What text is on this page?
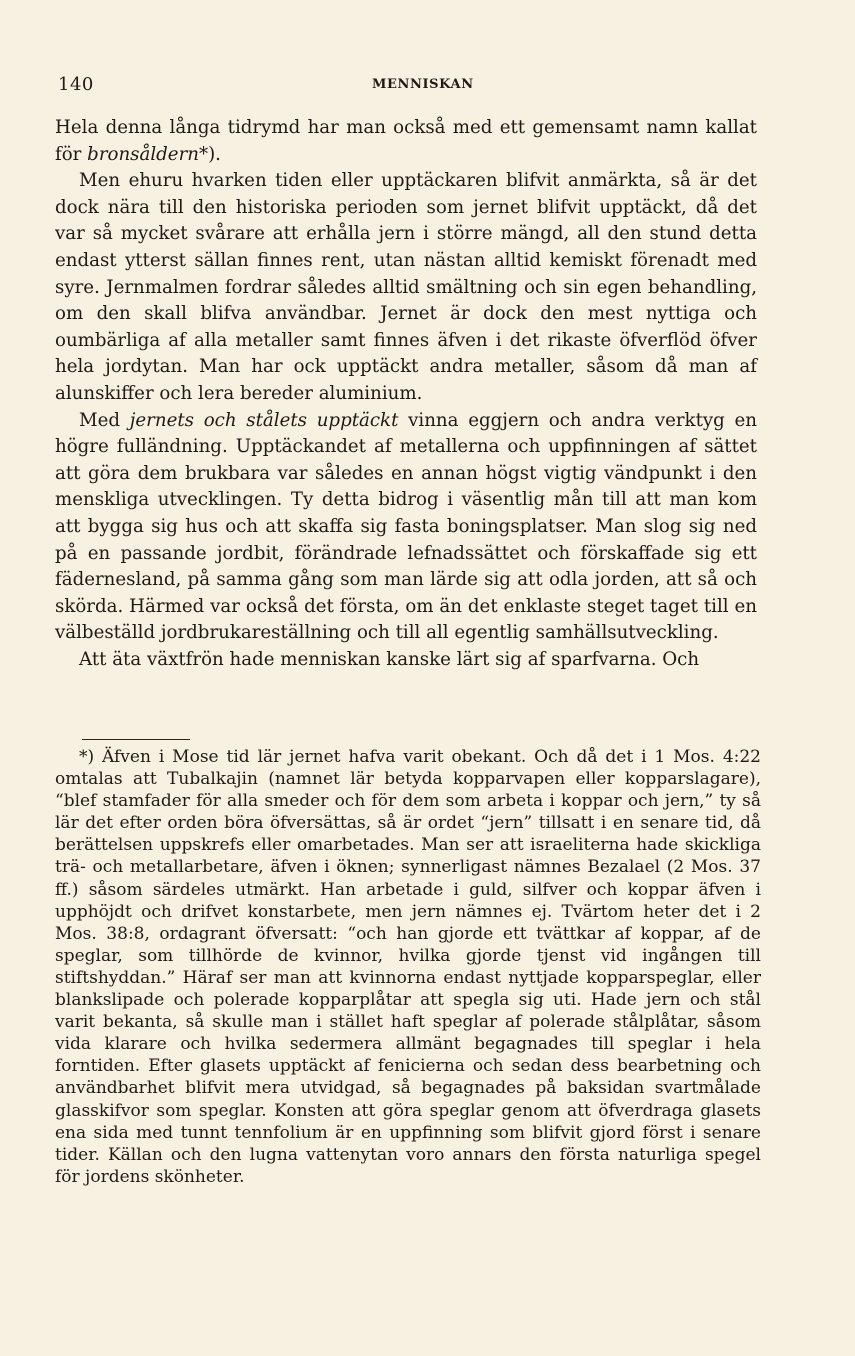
140	MENNISKAN

Hela denna långa tidrymd har man också med ett gemensamt namn kallat för bronsåldern*).

Men ehuru hvarken tiden eller upptäckaren blifvit anmärkta, så är det dock nära till den historiska perioden som jernet blifvit upptäckt, då det var så mycket svårare att erhålla jern i större mängd, all den stund detta endast ytterst sällan finnes rent, utan nästan alltid kemiskt förenadt med syre. Jernmalmen fordrar således alltid smältning och sin egen behandling, om den skall blifva användbar. Jernet är dock den mest nyttiga och oumbärliga af alla metaller samt finnes äfven i det rikaste öfverflöd öfver hela jordytan. Man har ock upptäckt andra metaller, såsom då man af alunskiffer och lera bereder aluminium.

Med jernets och stålets upptäckt vinna eggjern och andra verktyg en högre fulländning. Upptäckandet af metallerna och uppfinningen af sättet att göra dem brukbara var således en annan högst vigtig vändpunkt i den menskliga utvecklingen. Ty detta bidrog i väsentlig mån till att man kom att bygga sig hus och att skaffa sig fasta boningsplatser. Man slog sig ned på en passande jordbit, förändrade lefnadssättet och förskaffade sig ett fädernesland, på samma gång som man lärde sig att odla jorden, att så och skörda. Härmed var också det första, om än det enklaste steget taget till en välbeställd jordbrukareställning och till all egentlig samhällsutveckling.

Att äta växtfrön hade menniskan kanske lärt sig af sparfvarna. Och

*) Äfven i Mose tid lär jernet hafva varit obekant. Och då det i 1 Mos. 4:22 omtalas att Tubalkajin (namnet lär betyda kopparvapen eller kopparslagare), “blef stamfader för alla smeder och för dem som arbeta i koppar och jern,” ty så lär det efter orden böra öfversättas, så är ordet “jern” tillsatt i en senare tid, då berättelsen uppskrefs eller omarbetades. Man ser att israeliterna hade skickliga trä- och metallarbetare, äfven i öknen; synnerligast nämnes Bezalael (2 Mos. 37 ff.) såsom särdeles utmärkt. Han arbetade i guld, silfver och koppar äfven i upphöjdt och drifvet konstarbete, men jern nämnes ej. Tvärtom heter det i 2 Mos. 38:8, ordagrant öfversatt: “och han gjorde ett tvättkar af koppar, af de speglar, som tillhörde de kvinnor, hvilka gjorde tjenst vid ingången till stiftshyddan.” Häraf ser man att kvinnorna endast nyttjade kopparspeglar, eller blankslipade och polerade kopparplåtar att spegla sig uti. Hade jern och stål varit bekanta, så skulle man i stället haft speglar af polerade stålplåtar, såsom vida klarare och hvilka sedermera allmänt begagnades till speglar i hela forntiden. Efter glasets upptäckt af fenicierna och sedan dess bearbetning och användbarhet blifvit mera utvidgad, så begagnades på baksidan svartmålade glasskifvor som speglar. Konsten att göra speglar genom att öfverdraga glasets ena sida med tunnt tennfolium är en uppfinning som blifvit gjord först i senare tider. Källan och den lugna vattenytan voro annars den första naturliga spegel för jordens skönheter.
